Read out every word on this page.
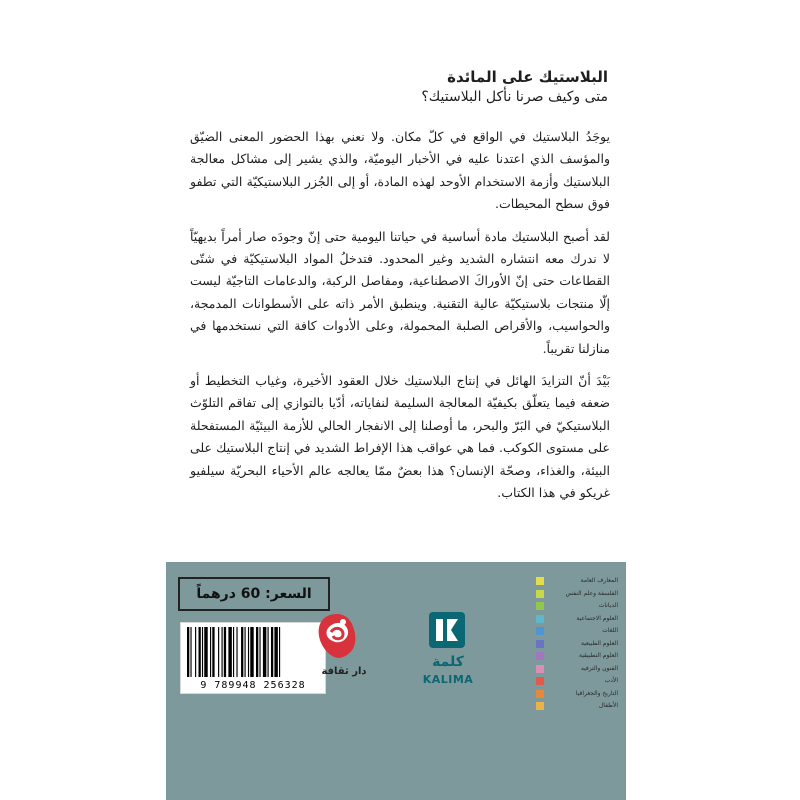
البلاستيك على المائدة

متى وكيف صرنا نأكل البلاستيك؟

يوجَدُ البلاستيك في الواقع في كلّ مكان. ولا نعني بهذا الحضور المعنى الضيّق والمؤسف الذي اعتدنا عليه في الأخبار اليوميّة، والذي يشير إلى مشاكل معالجة البلاستيك وأزمة الاستخدام الأوحد لهذه المادة، أو إلى الجُزر البلاستيكيّة التي تطفو فوق سطح المحيطات.

لقد أصبح البلاستيك مادة أساسية في حياتنا اليومية حتى إنّ وجودَه صار أمراً بديهيّاً لا ندرك معه انتشاره الشديد وغير المحدود. فتدخلُ المواد البلاستيكيّة في شتّى القطاعات حتى إنّ الأوراكَ الاصطناعية، ومفاصل الركبة، والدعامات التاجيّة ليست إلّا منتجات بلاستيكيّة عالية التقنية. وينطبق الأمر ذاته على الأسطوانات المدمجة، والحواسيب، والأقراص الصلبة المحمولة، وعلى الأدوات كافة التي نستخدمها في منازلنا تقريباً.

بَيْدَ أنّ التزايدَ الهائل في إنتاج البلاستيك خلال العقود الأخيرة، وغياب التخطيط أو ضعفه فيما يتعلّق بكيفيّة المعالجة السليمة لنفاياته، أدّيا بالتوازي إلى تفاقم التلوّث البلاستيكيّ في البَرّ والبحر، ما أوصلنا إلى الانفجار الحالي للأزمة البيئيّة المستفحلة على مستوى الكوكب. فما هي عواقب هذا الإفراط الشديد في إنتاج البلاستيك على البيئة، والغذاء، وصحّة الإنسان؟ هذا بعضٌ ممّا يعالجه عالم الأحياء البحريّة سيلفيو غريكو في هذا الكتاب.

السعر: 60 درهماً
9 789948 256328
دار ثقافة
كلمة
KALIMA
المعارف العامة
الفلسفة وعلم النفس
الديانات
العلوم الاجتماعية
اللغات
العلوم الطبيعية
العلوم التطبيقية
الفنون والترفيه
الأدب
التاريخ والجغرافيا
الأطفال
